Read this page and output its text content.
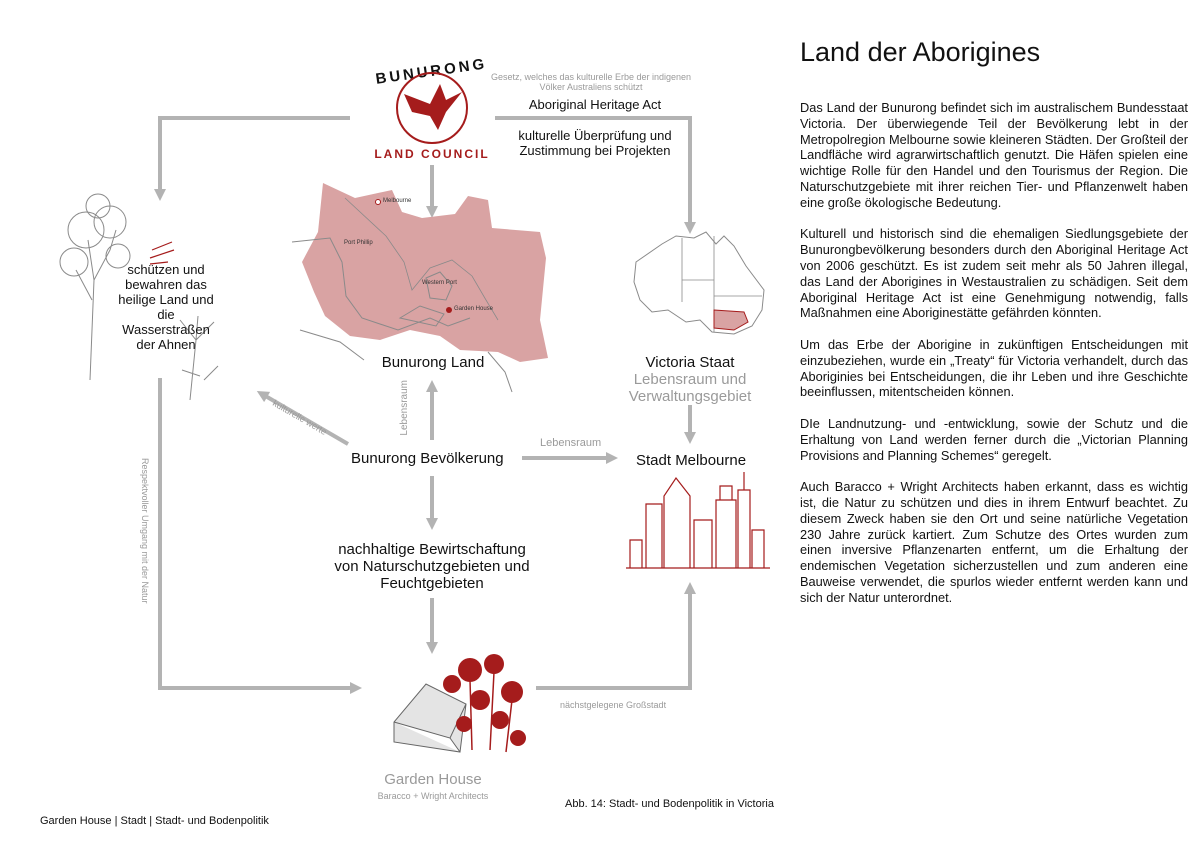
BUNURONG
LAND COUNCIL
Gesetz, welches das kulturelle Erbe der indigenen Völker Australiens schützt
Aboriginal Heritage Act
kulturelle Überprüfung und Zustimmung bei Projekten
schützen und bewahren das heilige Land und die Wasserstraßen der Ahnen
Melbourne
Port Phillip
Western Port
Garden House
Bunurong Land	Victoria Staat
Lebensraum und Verwaltungsgebiet
Lebensraum
kulturelle werte
Bunurong Bevölkerung
Lebensraum
Stadt Melbourne
Respektvoller Umgang mit der Natur	nachhaltige Bewirtschaftung von Naturschutzgebieten und Feuchtgebieten
nächstgelegene Großstadt
Garden House
Baracco + Wright Architects
Abb. 14: Stadt- und Bodenpolitik in Victoria
Garden House | Stadt | Stadt- und Bodenpolitik
Land der Aborigines

Das Land der Bunurong befindet sich im australischem Bundesstaat Victoria. Der überwiegende Teil der Bevölkerung lebt in der Metropolregion Melbourne sowie kleineren Städten. Der Großteil der Landfläche wird agrarwirtschaftlich genutzt. Die Häfen spielen eine wichtige Rolle für den Handel und den Tourismus der Region. Die Naturschutzgebiete mit ihrer reichen Tier- und Pflanzenwelt haben eine große ökologische Bedeutung.

Kulturell und historisch sind die ehemaligen Siedlungsgebiete der Bunurongbevölkerung besonders durch den Aboriginal Heritage Act von 2006 geschützt. Es ist zudem seit mehr als 50 Jahren illegal, das Land der Aborigines in Westaustralien zu schädigen. Seit dem Aboriginal Heritage Act ist eine Genehmigung notwendig, falls Maßnahmen eine Aboriginestätte gefährden könnten.

Um das Erbe der Aborigine in zukünftigen Entscheidungen mit einzubeziehen, wurde ein „Treaty“ für Victoria verhandelt, durch das Aboriginies bei Entscheidungen, die ihr Leben und ihre Geschichte beeinflussen, mitentscheiden können.

DIe Landnutzung- und -entwicklung, sowie der Schutz und die Erhaltung von Land werden ferner durch die „Victorian Planning Provisions and Planning Schemes“ geregelt.

Auch Baracco + Wright Architects haben erkannt, dass es wichtig ist, die Natur zu schützen und dies in ihrem Entwurf beachtet. Zu diesem Zweck haben sie den Ort und seine natürliche Vegetation 230 Jahre zurück kartiert. Zum Schutze des Ortes wurden zum einen inversive Pflanzenarten entfernt, um die Erhaltung der endemischen Vegetation sicherzustellen und zum anderen eine Bauweise verwendet, die spurlos wieder entfernt werden kann und sich der Natur unterordnet.
